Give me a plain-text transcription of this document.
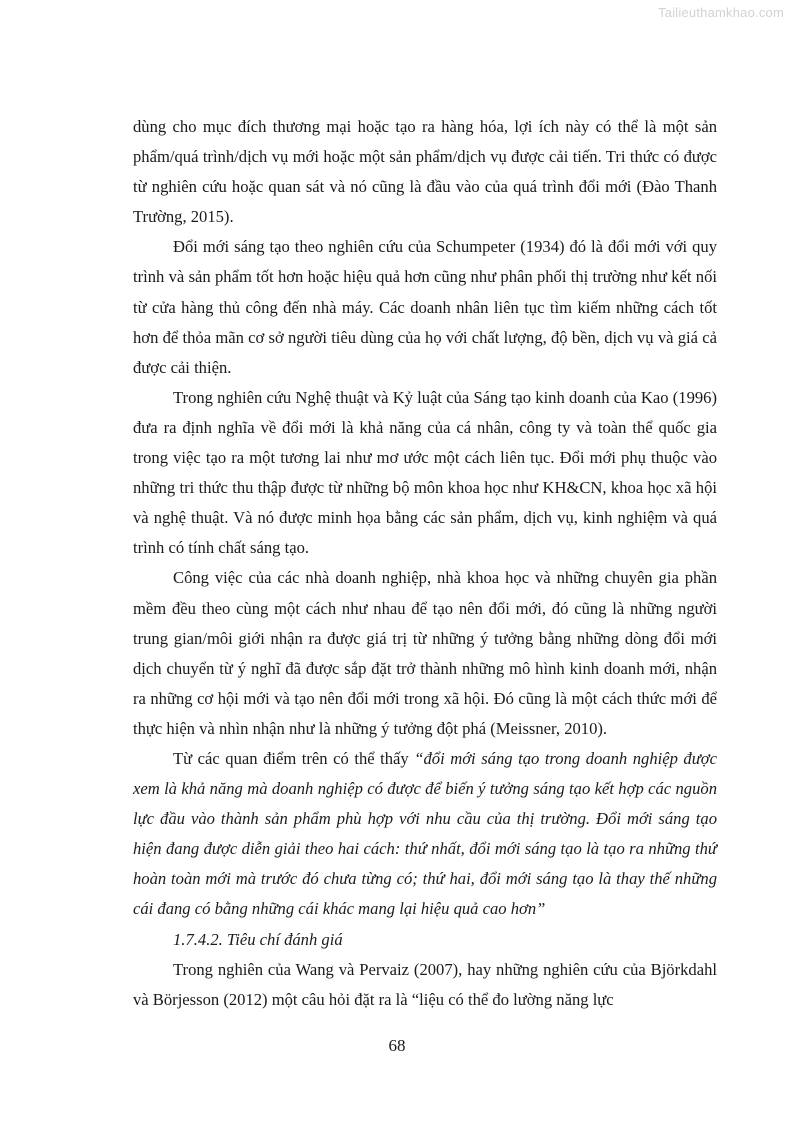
Tailieuthamkhao.com

dùng cho mục đích thương mại hoặc tạo ra hàng hóa, lợi ích này có thể là một sản phẩm/quá trình/dịch vụ mới hoặc một sản phẩm/dịch vụ được cải tiến. Tri thức có được từ nghiên cứu hoặc quan sát và nó cũng là đầu vào của quá trình đổi mới (Đào Thanh Trường, 2015).

Đổi mới sáng tạo theo nghiên cứu của Schumpeter (1934) đó là đổi mới với quy trình và sản phẩm tốt hơn hoặc hiệu quả hơn cũng như phân phối thị trường như kết nối từ cửa hàng thủ công đến nhà máy. Các doanh nhân liên tục tìm kiếm những cách tốt hơn để thỏa mãn cơ sở người tiêu dùng của họ với chất lượng, độ bền, dịch vụ và giá cả được cải thiện.

Trong nghiên cứu Nghệ thuật và Kỷ luật của Sáng tạo kinh doanh của Kao (1996) đưa ra định nghĩa về đổi mới là khả năng của cá nhân, công ty và toàn thể quốc gia trong việc tạo ra một tương lai như mơ ước một cách liên tục. Đổi mới phụ thuộc vào những tri thức thu thập được từ những bộ môn khoa học như KH&CN, khoa học xã hội và nghệ thuật. Và nó được minh họa bằng các sản phẩm, dịch vụ, kinh nghiệm và quá trình có tính chất sáng tạo.

Công việc của các nhà doanh nghiệp, nhà khoa học và những chuyên gia phần mềm đều theo cùng một cách như nhau để tạo nên đổi mới, đó cũng là những người trung gian/môi giới nhận ra được giá trị từ những ý tưởng bằng những dòng đổi mới dịch chuyển từ ý nghĩ đã được sắp đặt trở thành những mô hình kinh doanh mới, nhận ra những cơ hội mới và tạo nên đổi mới trong xã hội. Đó cũng là một cách thức mới để thực hiện và nhìn nhận như là những ý tưởng đột phá (Meissner, 2010).

Từ các quan điểm trên có thể thấy “đổi mới sáng tạo trong doanh nghiệp được xem là khả năng mà doanh nghiệp có được để biến ý tưởng sáng tạo kết hợp các nguồn lực đầu vào thành sản phẩm phù hợp với nhu cầu của thị trường. Đổi mới sáng tạo hiện đang được diễn giải theo hai cách: thứ nhất, đổi mới sáng tạo là tạo ra những thứ hoàn toàn mới mà trước đó chưa từng có; thứ hai, đổi mới sáng tạo là thay thế những cái đang có bằng những cái khác mang lại hiệu quả cao hơn”

1.7.4.2. Tiêu chí đánh giá

Trong nghiên của Wang và Pervaiz (2007), hay những nghiên cứu của Björkdahl và Börjesson (2012) một câu hỏi đặt ra là “liệu có thể đo lường năng lực

68
